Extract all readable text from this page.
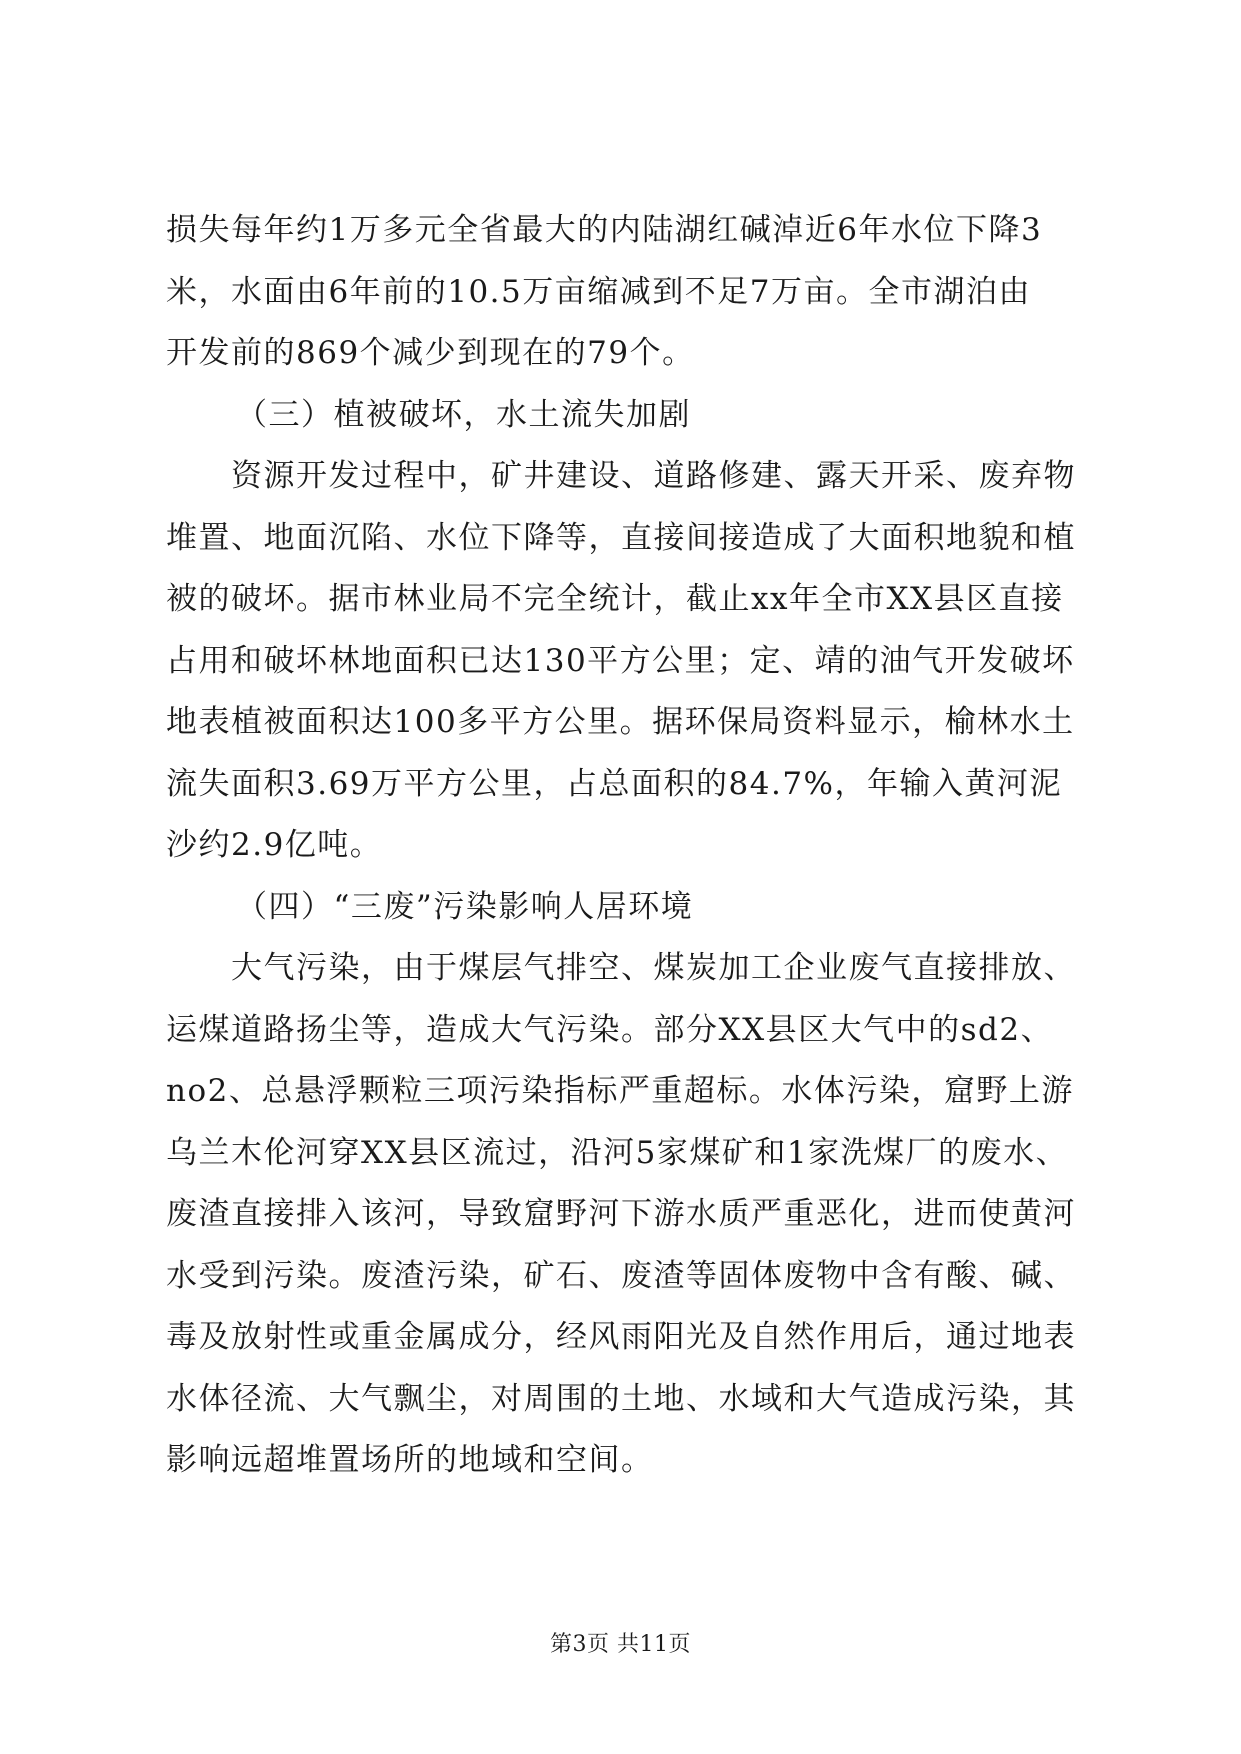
损失每年约1万多元全省最大的内陆湖红碱淖近6年水位下降3
米，水面由6年前的10.5万亩缩减到不足7万亩。全市湖泊由
开发前的869个减少到现在的79个。
（三）植被破坏，水土流失加剧
资源开发过程中，矿井建设、道路修建、露天开采、废弃物
堆置、地面沉陷、水位下降等，直接间接造成了大面积地貌和植
被的破坏。据市林业局不完全统计，截止xx年全市XX县区直接
占用和破坏林地面积已达130平方公里；定、靖的油气开发破坏
地表植被面积达100多平方公里。据环保局资料显示，榆林水土
流失面积3.69万平方公里，占总面积的84.7%，年输入黄河泥
沙约2.9亿吨。
（四）“三废”污染影响人居环境
大气污染，由于煤层气排空、煤炭加工企业废气直接排放、
运煤道路扬尘等，造成大气污染。部分XX县区大气中的sd2、
no2、总悬浮颗粒三项污染指标严重超标。水体污染，窟野上游
乌兰木伦河穿XX县区流过，沿河5家煤矿和1家洗煤厂的废水、
废渣直接排入该河，导致窟野河下游水质严重恶化，进而使黄河
水受到污染。废渣污染，矿石、废渣等固体废物中含有酸、碱、
毒及放射性或重金属成分，经风雨阳光及自然作用后，通过地表
水体径流、大气飘尘，对周围的土地、水域和大气造成污染，其
影响远超堆置场所的地域和空间。
第3页 共11页
